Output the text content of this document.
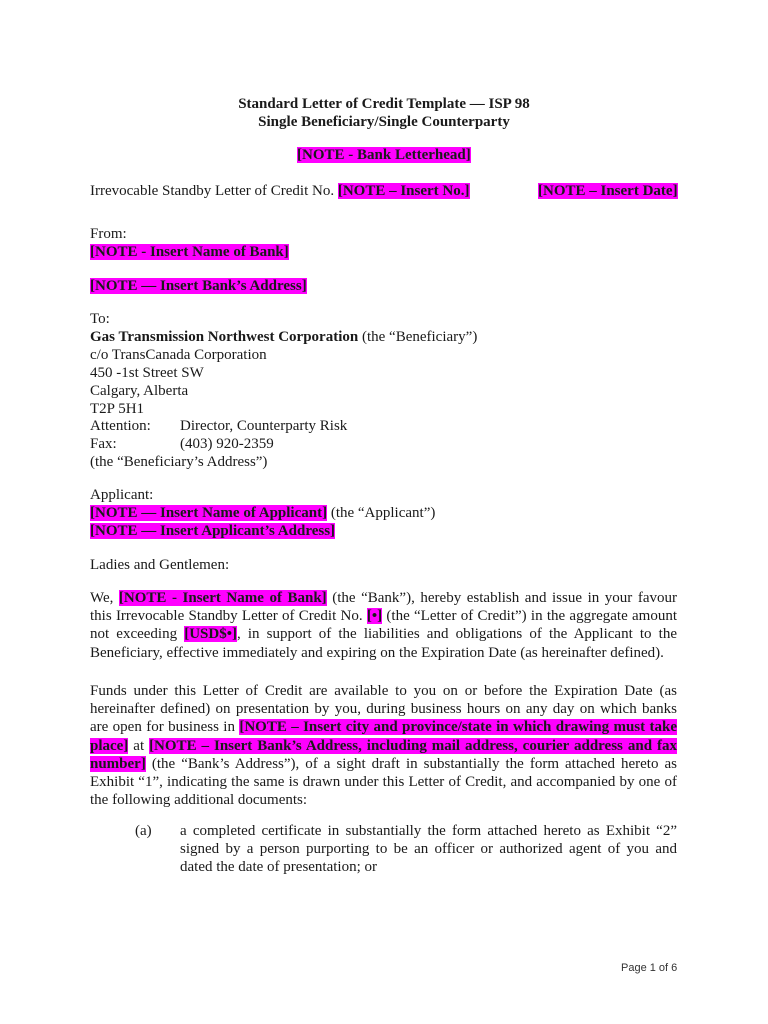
Standard Letter of Credit Template — ISP 98
Single Beneficiary/Single Counterparty
[NOTE - Bank Letterhead]
Irrevocable Standby Letter of Credit No. [NOTE – Insert No.]	[NOTE – Insert Date]
From:
[NOTE - Insert Name of Bank]
[NOTE — Insert Bank’s Address]
To:
Gas Transmission Northwest Corporation (the “Beneficiary”)
c/o TransCanada Corporation
450 -1st Street SW
Calgary, Alberta
T2P 5H1
Attention: Director, Counterparty Risk
Fax:	(403) 920-2359
(the “Beneficiary’s Address”)
Applicant:
[NOTE — Insert Name of Applicant] (the “Applicant”)
[NOTE — Insert Applicant’s Address]
Ladies and Gentlemen:
We, [NOTE - Insert Name of Bank] (the “Bank”), hereby establish and issue in your favour
this Irrevocable Standby Letter of Credit No. [•] (the “Letter of Credit”) in the aggregate amount
not exceeding [USD$•], in support of the liabilities and obligations of the Applicant to the
Beneficiary, effective immediately and expiring on the Expiration Date (as hereinafter defined).
Funds under this Letter of Credit are available to you on or before the Expiration Date (as
hereinafter defined) on presentation by you, during business hours on any day on which banks
are open for business in [NOTE – Insert city and province/state in which drawing must take
place] at [NOTE – Insert Bank’s Address, including mail address, courier address and fax
number] (the “Bank’s Address”), of a sight draft in substantially the form attached hereto as
Exhibit “1”, indicating the same is drawn under this Letter of Credit, and accompanied by one of
the following additional documents:
(a) a completed certificate in substantially the form attached hereto as Exhibit “2”
signed by a person purporting to be an officer or authorized agent of you and
dated the date of presentation; or
Page 1 of 6
